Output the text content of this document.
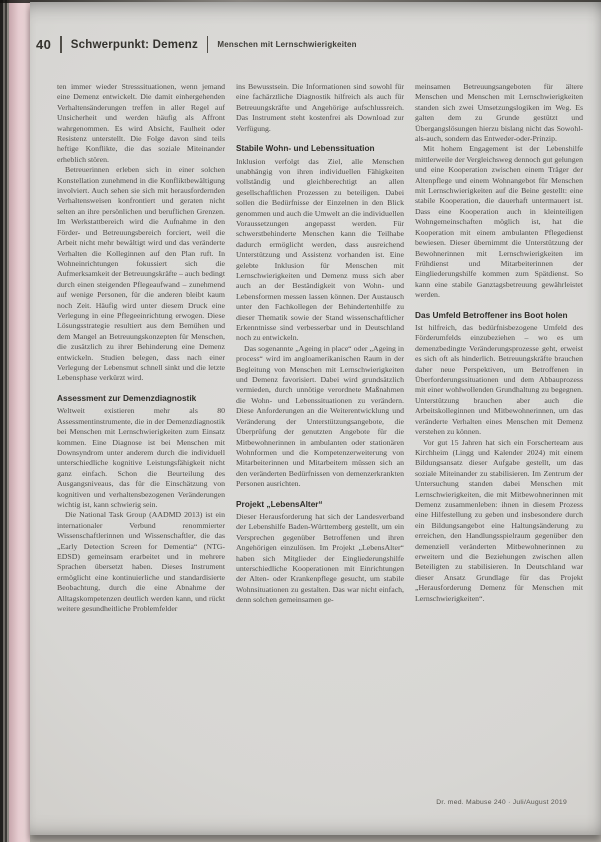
40 Schwerpunkt: Demenz Menschen mit Lernschwierigkeiten

ten immer wieder Stresssituationen, wenn jemand eine Demenz entwickelt. Die damit einhergehenden Verhaltensänderungen treffen in aller Regel auf Unsicherheit und werden häufig als Affront wahrgenommen. Es wird Absicht, Faulheit oder Resistenz unterstellt. Die Folge davon sind teils heftige Konflikte, die das soziale Miteinander erheblich stören.

Betreuerinnen erleben sich in einer solchen Konstellation zunehmend in die Konfliktbewältigung involviert. Auch sehen sie sich mit herausfordernden Verhaltensweisen konfrontiert und geraten nicht selten an ihre persönlichen und beruflichen Grenzen. Im Werkstattbereich wird die Aufnahme in den Förder- und Betreuungsbereich forciert, weil die Arbeit nicht mehr bewältigt wird und das veränderte Verhalten die Kolleginnen auf den Plan ruft. In Wohneinrichtungen fokussiert sich die Aufmerksamkeit der Betreuungskräfte – auch bedingt durch einen steigenden Pflegeaufwand – zunehmend auf wenige Personen, für die anderen bleibt kaum noch Zeit. Häufig wird unter diesem Druck eine Verlegung in eine Pflegeeinrichtung erwogen. Diese Lösungsstrategie resultiert aus dem Bemühen und dem Mangel an Betreuungskonzepten für Menschen, die zusätzlich zu ihrer Behinderung eine Demenz entwickeln. Studien belegen, dass nach einer Verlegung der Lebensmut schnell sinkt und die letzte Lebensphase verkürzt wird.

Assessment zur Demenzdiagnostik

Weltweit existieren mehr als 80 Assessmentinstrumente, die in der Demenzdiagnostik bei Menschen mit Lernschwierigkeiten zum Einsatz kommen. Eine Diagnose ist bei Menschen mit Downsyndrom unter anderem durch die individuell unterschiedliche kognitive Leistungsfähigkeit nicht ganz einfach. Schon die Beurteilung des Ausgangsniveaus, das für die Einschätzung von kognitiven und verhaltensbezogenen Veränderungen wichtig ist, kann schwierig sein.

Die National Task Group (AADMD 2013) ist ein internationaler Verbund renommierter Wissenschaftlerinnen und Wissenschaftler, die das „Early Detection Screen for Dementia“ (NTG-EDSD) gemeinsam erarbeitet und in mehrere Sprachen übersetzt haben. Dieses Instrument ermöglicht eine kontinuierliche und standardisierte Beobachtung, durch die eine Abnahme der Alltagskompetenzen deutlich werden kann, und rückt weitere gesundheitliche Problemfelder

ins Bewusstsein. Die Informationen sind sowohl für eine fachärztliche Diagnostik hilfreich als auch für Betreuungskräfte und Angehörige aufschlussreich. Das Instrument steht kostenfrei als Download zur Verfügung.

Stabile Wohn- und Lebenssituation

Inklusion verfolgt das Ziel, alle Menschen unabhängig von ihren individuellen Fähigkeiten vollständig und gleichberechtigt an allen gesellschaftlichen Prozessen zu beteiligen. Dabei sollen die Bedürfnisse der Einzelnen in den Blick genommen und auch die Umwelt an die individuellen Voraussetzungen angepasst werden. Für schwerstbehinderte Menschen kann die Teilhabe dadurch ermöglicht werden, dass ausreichend Unterstützung und Assistenz vorhanden ist. Eine gelebte Inklusion für Menschen mit Lernschwierigkeiten und Demenz muss sich aber auch an der Beständigkeit von Wohn- und Lebensformen messen lassen können. Der Austausch unter den Fachkollegen der Behindertenhilfe zu dieser Thematik sowie der Stand wissenschaftlicher Erkenntnisse sind verbesserbar und in Deutschland noch zu entwickeln.

Das sogenannte „Ageing in place“ oder „Ageing in process“ wird im angloamerikanischen Raum in der Begleitung von Menschen mit Lernschwierigkeiten und Demenz favorisiert. Dabei wird grundsätzlich vermieden, durch unnötige verordnete Maßnahmen die Wohn- und Lebenssituationen zu verändern. Diese Anforderungen an die Weiterentwicklung und Veränderung der Unterstützungsangebote, die Überprüfung der genutzten Angebote für die Mitbewohnerinnen in ambulanten oder stationären Wohnformen und die Kompetenzerweiterung von Mitarbeiterinnen und Mitarbeitern müssen sich an den veränderten Bedürfnissen von demenzerkrankten Personen ausrichten.

Projekt „LebensAlter“

Dieser Herausforderung hat sich der Landesverband der Lebenshilfe Baden-Württemberg gestellt, um ein Versprechen gegenüber Betroffenen und ihren Angehörigen einzulösen. Im Projekt „LebensAlter“ haben sich Mitglieder der Eingliederungshilfe unterschiedliche Kooperationen mit Einrichtungen der Alten- oder Krankenpflege gesucht, um stabile Wohnsituationen zu gestalten. Das war nicht einfach, denn solchen gemeinsamen ge-

meinsamen Betreuungsangeboten für ältere Menschen und Menschen mit Lernschwierigkeiten standen sich zwei Umsetzungslogiken im Weg. Es galten dem zu Grunde gestützt und Übergangslösungen hierzu bislang nicht das Sowohl-als-auch, sondern das Entweder-oder-Prinzip.

Mit hohem Engagement ist der Lebenshilfe mittlerweile der Vergleichsweg dennoch gut gelungen und eine Kooperation zwischen einem Träger der Altenpflege und einem Wohnangebot für Menschen mit Lernschwierigkeiten auf die Beine gestellt: eine stabile Kooperation, die dauerhaft untermauert ist. Dass eine Kooperation auch in kleinteiligen Wohngemeinschaften möglich ist, hat die Kooperation mit einem ambulanten Pflegedienst bewiesen. Dieser übernimmt die Unterstützung der Bewohnerinnen mit Lernschwierigkeiten im Frühdienst und Mitarbeiterinnen der Eingliederungshilfe kommen zum Spätdienst. So kann eine stabile Ganztagsbetreuung gewährleistet werden.

Das Umfeld Betroffener ins Boot holen

Ist hilfreich, das bedürfnisbezogene Umfeld des Förderumfelds einzubeziehen – wo es um demenzbedingte Veränderungsprozesse geht, erweist es sich oft als hinderlich. Betreuungskräfte brauchen daher neue Perspektiven, um Betroffenen in Überforderungssituationen und dem Abbauprozess mit einer wohlwollenden Grundhaltung zu begegnen. Unterstützung brauchen aber auch die Arbeitskolleginnen und Mitbewohnerinnen, um das veränderte Verhalten eines Menschen mit Demenz verstehen zu können.

Vor gut 15 Jahren hat sich ein Forscherteam aus Kirchheim (Lingg und Kalender 2024) mit einem Bildungsansatz dieser Aufgabe gestellt, um das soziale Miteinander zu stabilisieren. Im Zentrum der Untersuchung standen dabei Menschen mit Lernschwierigkeiten, die mit Mitbewohnerinnen mit Demenz zusammenleben: ihnen in diesem Prozess eine Hilfestellung zu geben und insbesondere durch ein Bildungsangebot eine Haltungsänderung zu erreichen, den Handlungsspielraum gegenüber den demenziell veränderten Mitbewohnerinnen zu erweitern und die Beziehungen zwischen allen Beteiligten zu stabilisieren. In Deutschland war dieser Ansatz Grundlage für das Projekt „Herausforderung Demenz für Menschen mit Lernschwierigkeiten“.

Dr. med. Mabuse 240 · Juli/August 2019
